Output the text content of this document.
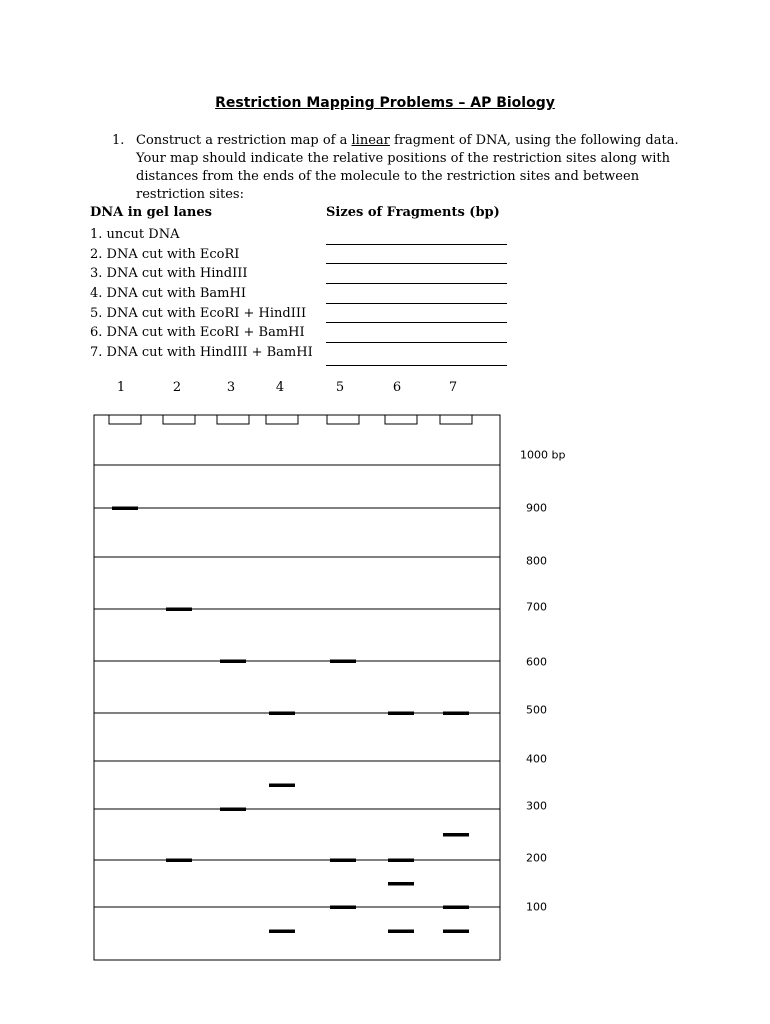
Restriction Mapping Problems – AP Biology
1. Construct a restriction map of a linear fragment of DNA, using the following data. Your map should indicate the relative positions of the restriction sites along with distances from the ends of the molecule to the restriction sites and between restriction sites:
DNA in gel lanes	Sizes of Fragments (bp)
1. uncut DNA
2. DNA cut with EcoRI
3. DNA cut with HindIII
4. DNA cut with BamHI
5. DNA cut with EcoRI + HindIII
6. DNA cut with EcoRI + BamHI
7. DNA cut with HindIII + BamHI
1	2	3	4	5	6	7
1000 bp
900
800
700
600
500
400
300
200
100
